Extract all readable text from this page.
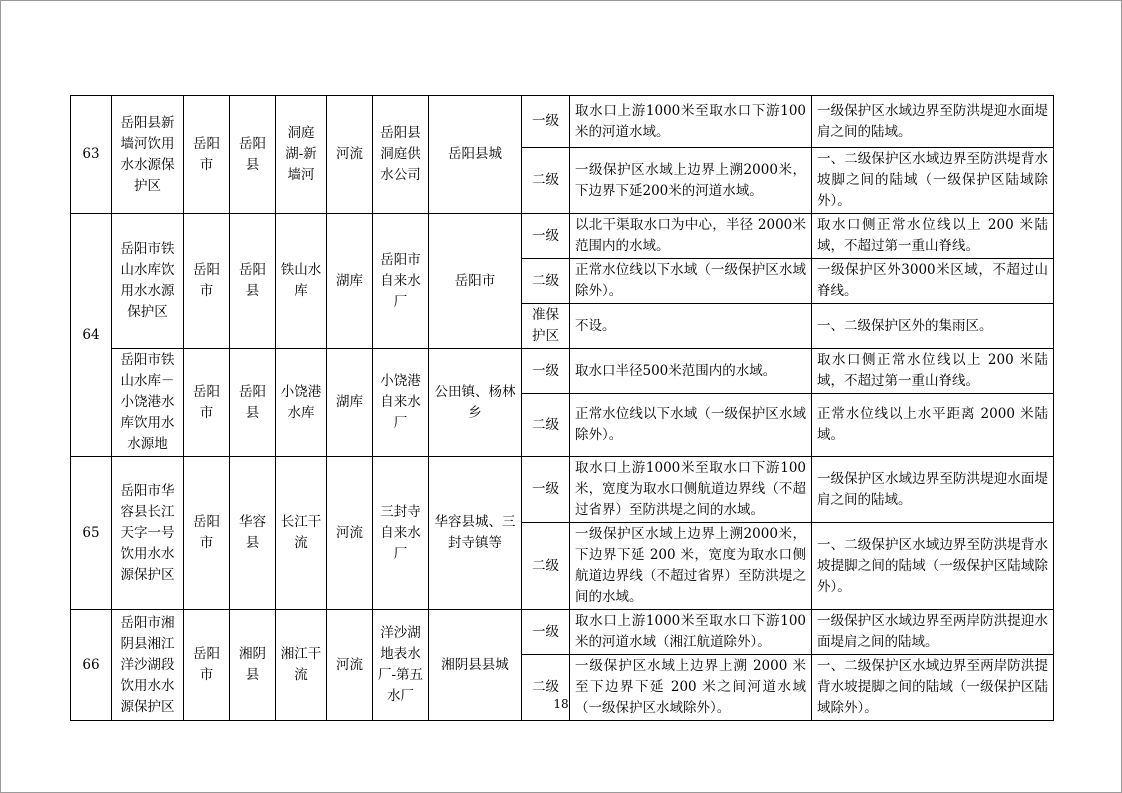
63	岳阳县新墙河饮用水水源保护区	岳阳市	岳阳县	洞庭湖-新墙河	河流	岳阳县洞庭供水公司	岳阳县城	一级	取水口上游1000米至取水口下游100米的河道水域。	一级保护区水域边界至防洪堤迎水面堤肩之间的陆域。
								二级	一级保护区水域上边界上溯2000米，下边界下延200米的河道水域。	一、二级保护区水域边界至防洪堤背水坡脚之间的陆域（一级保护区陆域除外）。
64	岳阳市铁山水库饮用水水源保护区	岳阳市	岳阳县	铁山水库	湖库	岳阳市自来水厂	岳阳市	一级	以北干渠取水口为中心，半径 2000米范围内的水域。	取水口侧正常水位线以上 200 米陆域，不超过第一重山脊线。
								二级	正常水位线以下水域（一级保护区水域除外）。	一级保护区外3000米区域，不超过山脊线。
								准保护区	不设。	一、二级保护区外的集雨区。
	岳阳市铁山水库－小饶港水库饮用水水源地	岳阳市	岳阳县	小饶港水库	湖库	小饶港自来水厂	公田镇、杨林乡	一级	取水口半径500米范围内的水域。	取水口侧正常水位线以上 200 米陆域，不超过第一重山脊线。
								二级	正常水位线以下水域（一级保护区水域除外）。	正常水位线以上水平距离 2000 米陆域。
65	岳阳市华容县长江天字一号饮用水水源保护区	岳阳市	华容县	长江干流	河流	三封寺自来水厂	华容县城、三封寺镇等	一级	取水口上游1000米至取水口下游100米，宽度为取水口侧航道边界线（不超过省界）至防洪堤之间的水域。	一级保护区水域边界至防洪堤迎水面堤肩之间的陆域。
								二级	一级保护区水域上边界上溯2000米，下边界下延 200 米，宽度为取水口侧航道边界线（不超过省界）至防洪堤之间的水域。	一、二级保护区水域边界至防洪堤背水坡提脚之间的陆域（一级保护区陆域除外）。
66	岳阳市湘阴县湘江洋沙湖段饮用水水源保护区	岳阳市	湘阴县	湘江干流	河流	洋沙湖地表水厂-第五水厂	湘阴县县城	一级	取水口上游1000米至取水口下游100米的河道水域（湘江航道除外）。	一级保护区水域边界至两岸防洪提迎水面堤肩之间的陆域。
								二级	一级保护区水域上边界上溯 2000 米至下边界下延 200 米之间河道水域（一级保护区水域除外）。	一、二级保护区水域边界至两岸防洪提背水坡提脚之间的陆域（一级保护区陆域除外）。
18
